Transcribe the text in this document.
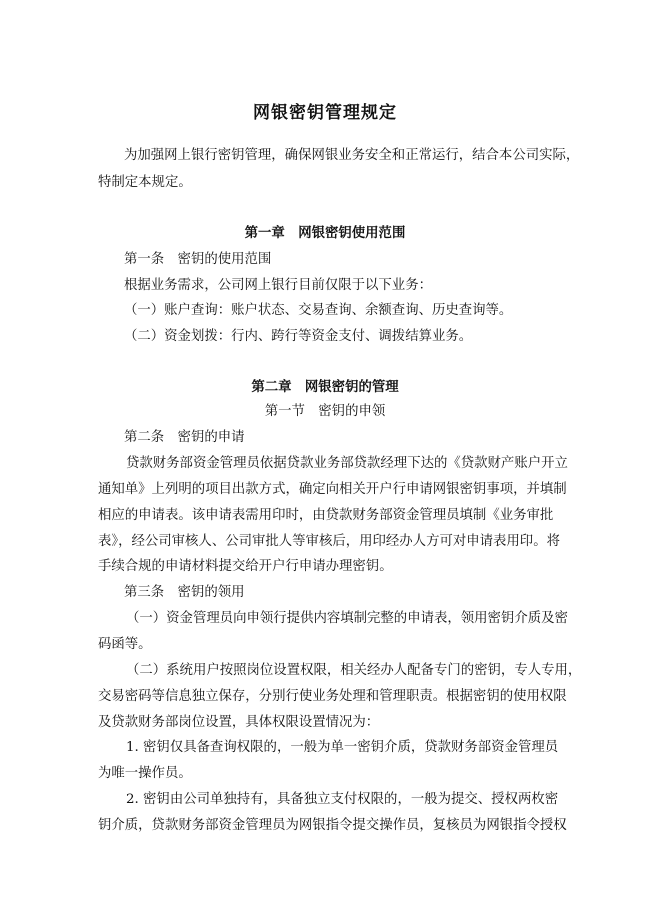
网银密钥管理规定
为加强网上银行密钥管理，确保网银业务安全和正常运行，结合本公司实际，
特制定本规定。
第一章　网银密钥使用范围
第一条　密钥的使用范围
根据业务需求，公司网上银行目前仅限于以下业务：
（一）账户查询：账户状态、交易查询、余额查询、历史查询等。
（二）资金划拨：行内、跨行等资金支付、调拨结算业务。
第二章　网银密钥的管理
第一节　密钥的申领
第二条　密钥的申请
贷款财务部资金管理员依据贷款业务部贷款经理下达的《贷款财产账户开立
通知单》上列明的项目出款方式，确定向相关开户行申请网银密钥事项，并填制
相应的申请表。该申请表需用印时，由贷款财务部资金管理员填制《业务审批
表》，经公司审核人、公司审批人等审核后，用印经办人方可对申请表用印。将
手续合规的申请材料提交给开户行申请办理密钥。
第三条　密钥的领用
（一）资金管理员向申领行提供内容填制完整的申请表，领用密钥介质及密
码函等。
（二）系统用户按照岗位设置权限，相关经办人配备专门的密钥，专人专用，
交易密码等信息独立保存，分别行使业务处理和管理职责。根据密钥的使用权限
及贷款财务部岗位设置，具体权限设置情况为：
1. 密钥仅具备查询权限的，一般为单一密钥介质，贷款财务部资金管理员
为唯一操作员。
2. 密钥由公司单独持有，具备独立支付权限的，一般为提交、授权两枚密
钥介质，贷款财务部资金管理员为网银指令提交操作员，复核员为网银指令授权
